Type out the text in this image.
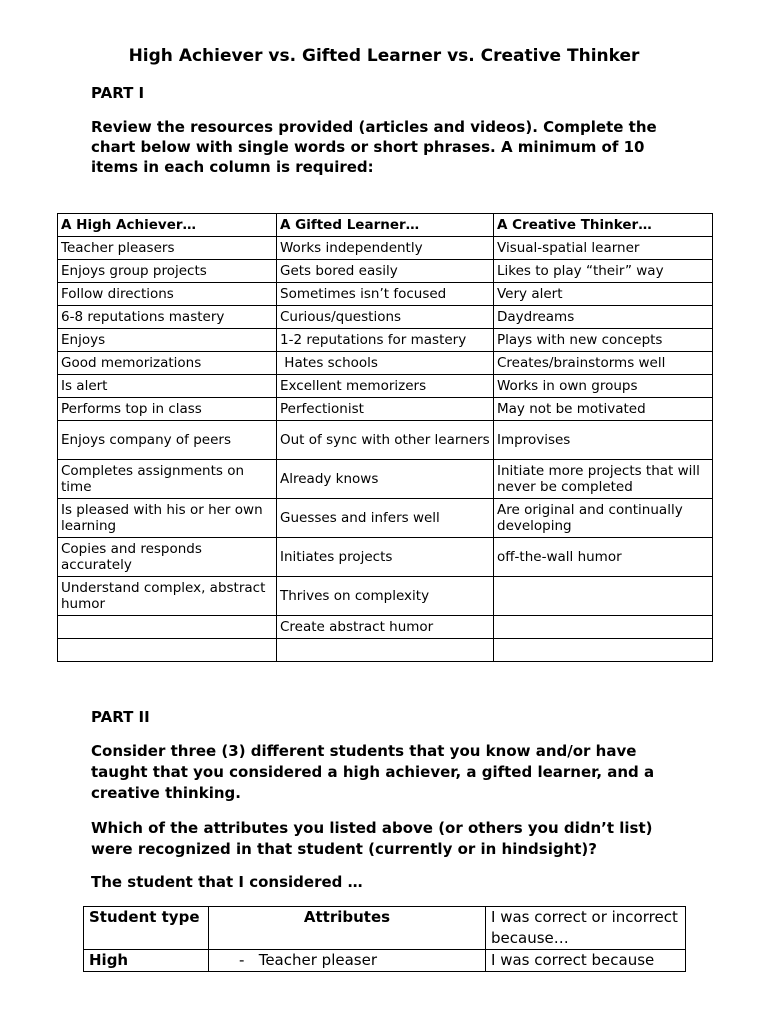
High Achiever vs. Gifted Learner vs. Creative Thinker
PART I
Review the resources provided (articles and videos). Complete the chart below with single words or short phrases. A minimum of 10 items in each column is required:
A High Achiever…	A Gifted Learner…	A Creative Thinker…
Teacher pleasers	Works independently	Visual-spatial learner
Enjoys group projects	Gets bored easily	Likes to play “their” way
Follow directions	Sometimes isn’t focused	Very alert
6-8 reputations mastery	Curious/questions	Daydreams
Enjoys	1-2 reputations for mastery	Plays with new concepts
Good memorizations	Hates schools	Creates/brainstorms well
Is alert	Excellent memorizers	Works in own groups
Performs top in class	Perfectionist	May not be motivated
Enjoys company of peers	Out of sync with other learners	Improvises
Completes assignments on time	Already knows	Initiate more projects that will never be completed
Is pleased with his or her own learning	Guesses and infers well	Are original and continually developing
Copies and responds accurately	Initiates projects	off-the-wall humor
Understand complex, abstract humor	Thrives on complexity	
	Create abstract humor	

PART II
Consider three (3) different students that you know and/or have taught that you considered a high achiever, a gifted learner, and a creative thinking.
Which of the attributes you listed above (or others you didn’t list) were recognized in that student (currently or in hindsight)?
The student that I considered …
Student type	Attributes	I was correct or incorrect because…
High	-   Teacher pleaser	I was correct because
